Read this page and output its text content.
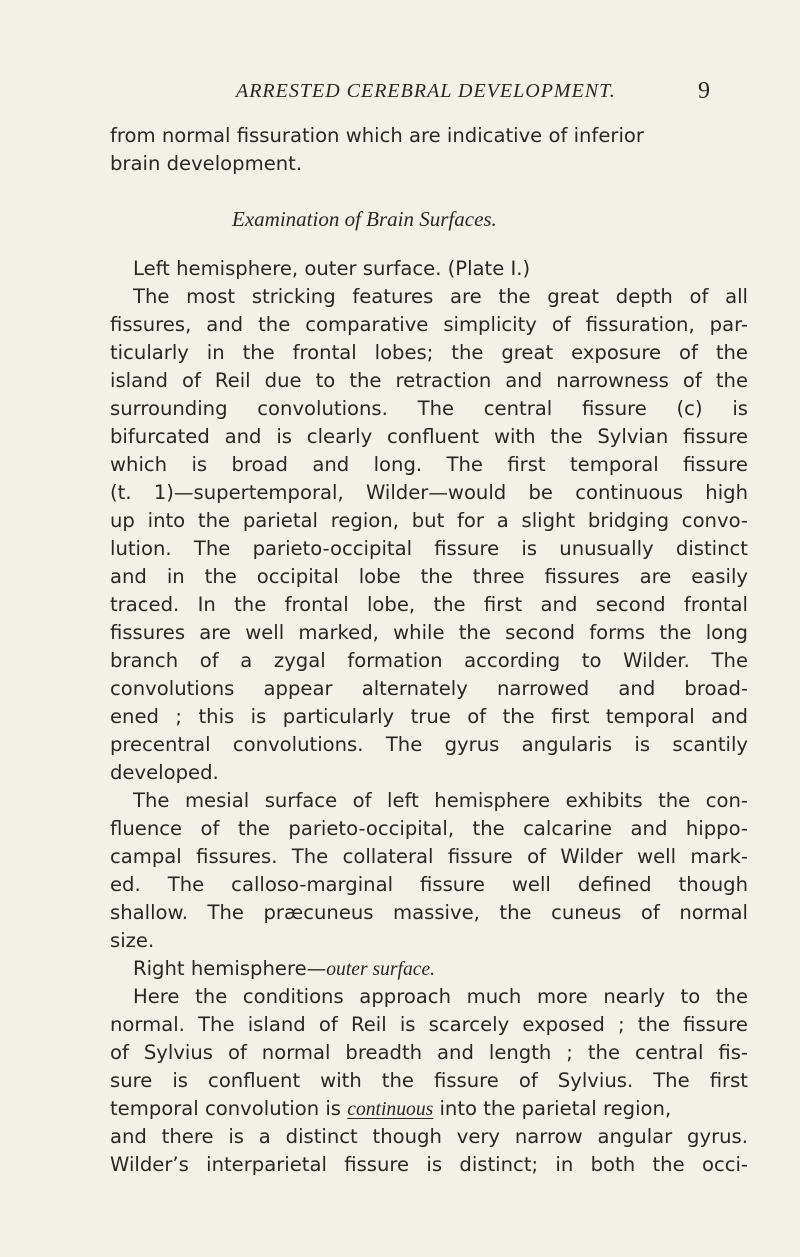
ARRESTED CEREBRAL DEVELOPMENT.	9
from normal fissuration which are indicative of inferior
brain development.
Examination of Brain Surfaces.
Left hemisphere, outer surface. (Plate I.)
The most stricking features are the great depth of all
fissures, and the comparative simplicity of fissuration, par-
ticularly in the frontal lobes; the great exposure of the
island of Reil due to the retraction and narrowness of the
surrounding convolutions. The central fissure (c) is
bifurcated and is clearly confluent with the Sylvian fissure
which is broad and long. The first temporal fissure
(t. 1)—supertemporal, Wilder—would be continuous high
up into the parietal region, but for a slight bridging convo-
lution. The parieto-occipital fissure is unusually distinct
and in the occipital lobe the three fissures are easily
traced. In the frontal lobe, the first and second frontal
fissures are well marked, while the second forms the long
branch of a zygal formation according to Wilder. The
convolutions appear alternately narrowed and broad-
ened ; this is particularly true of the first temporal and
precentral convolutions. The gyrus angularis is scantily
developed.
The mesial surface of left hemisphere exhibits the con-
fluence of the parieto-occipital, the calcarine and hippo-
campal fissures. The collateral fissure of Wilder well mark-
ed. The calloso-marginal fissure well defined though
shallow. The præcuneus massive, the cuneus of normal
size.
Right hemisphere—outer surface.
Here the conditions approach much more nearly to the
normal. The island of Reil is scarcely exposed ; the fissure
of Sylvius of normal breadth and length ; the central fis-
sure is confluent with the fissure of Sylvius. The first
temporal convolution is continuous into the parietal region,
and there is a distinct though very narrow angular gyrus.
Wilder’s interparietal fissure is distinct; in both the occi-
